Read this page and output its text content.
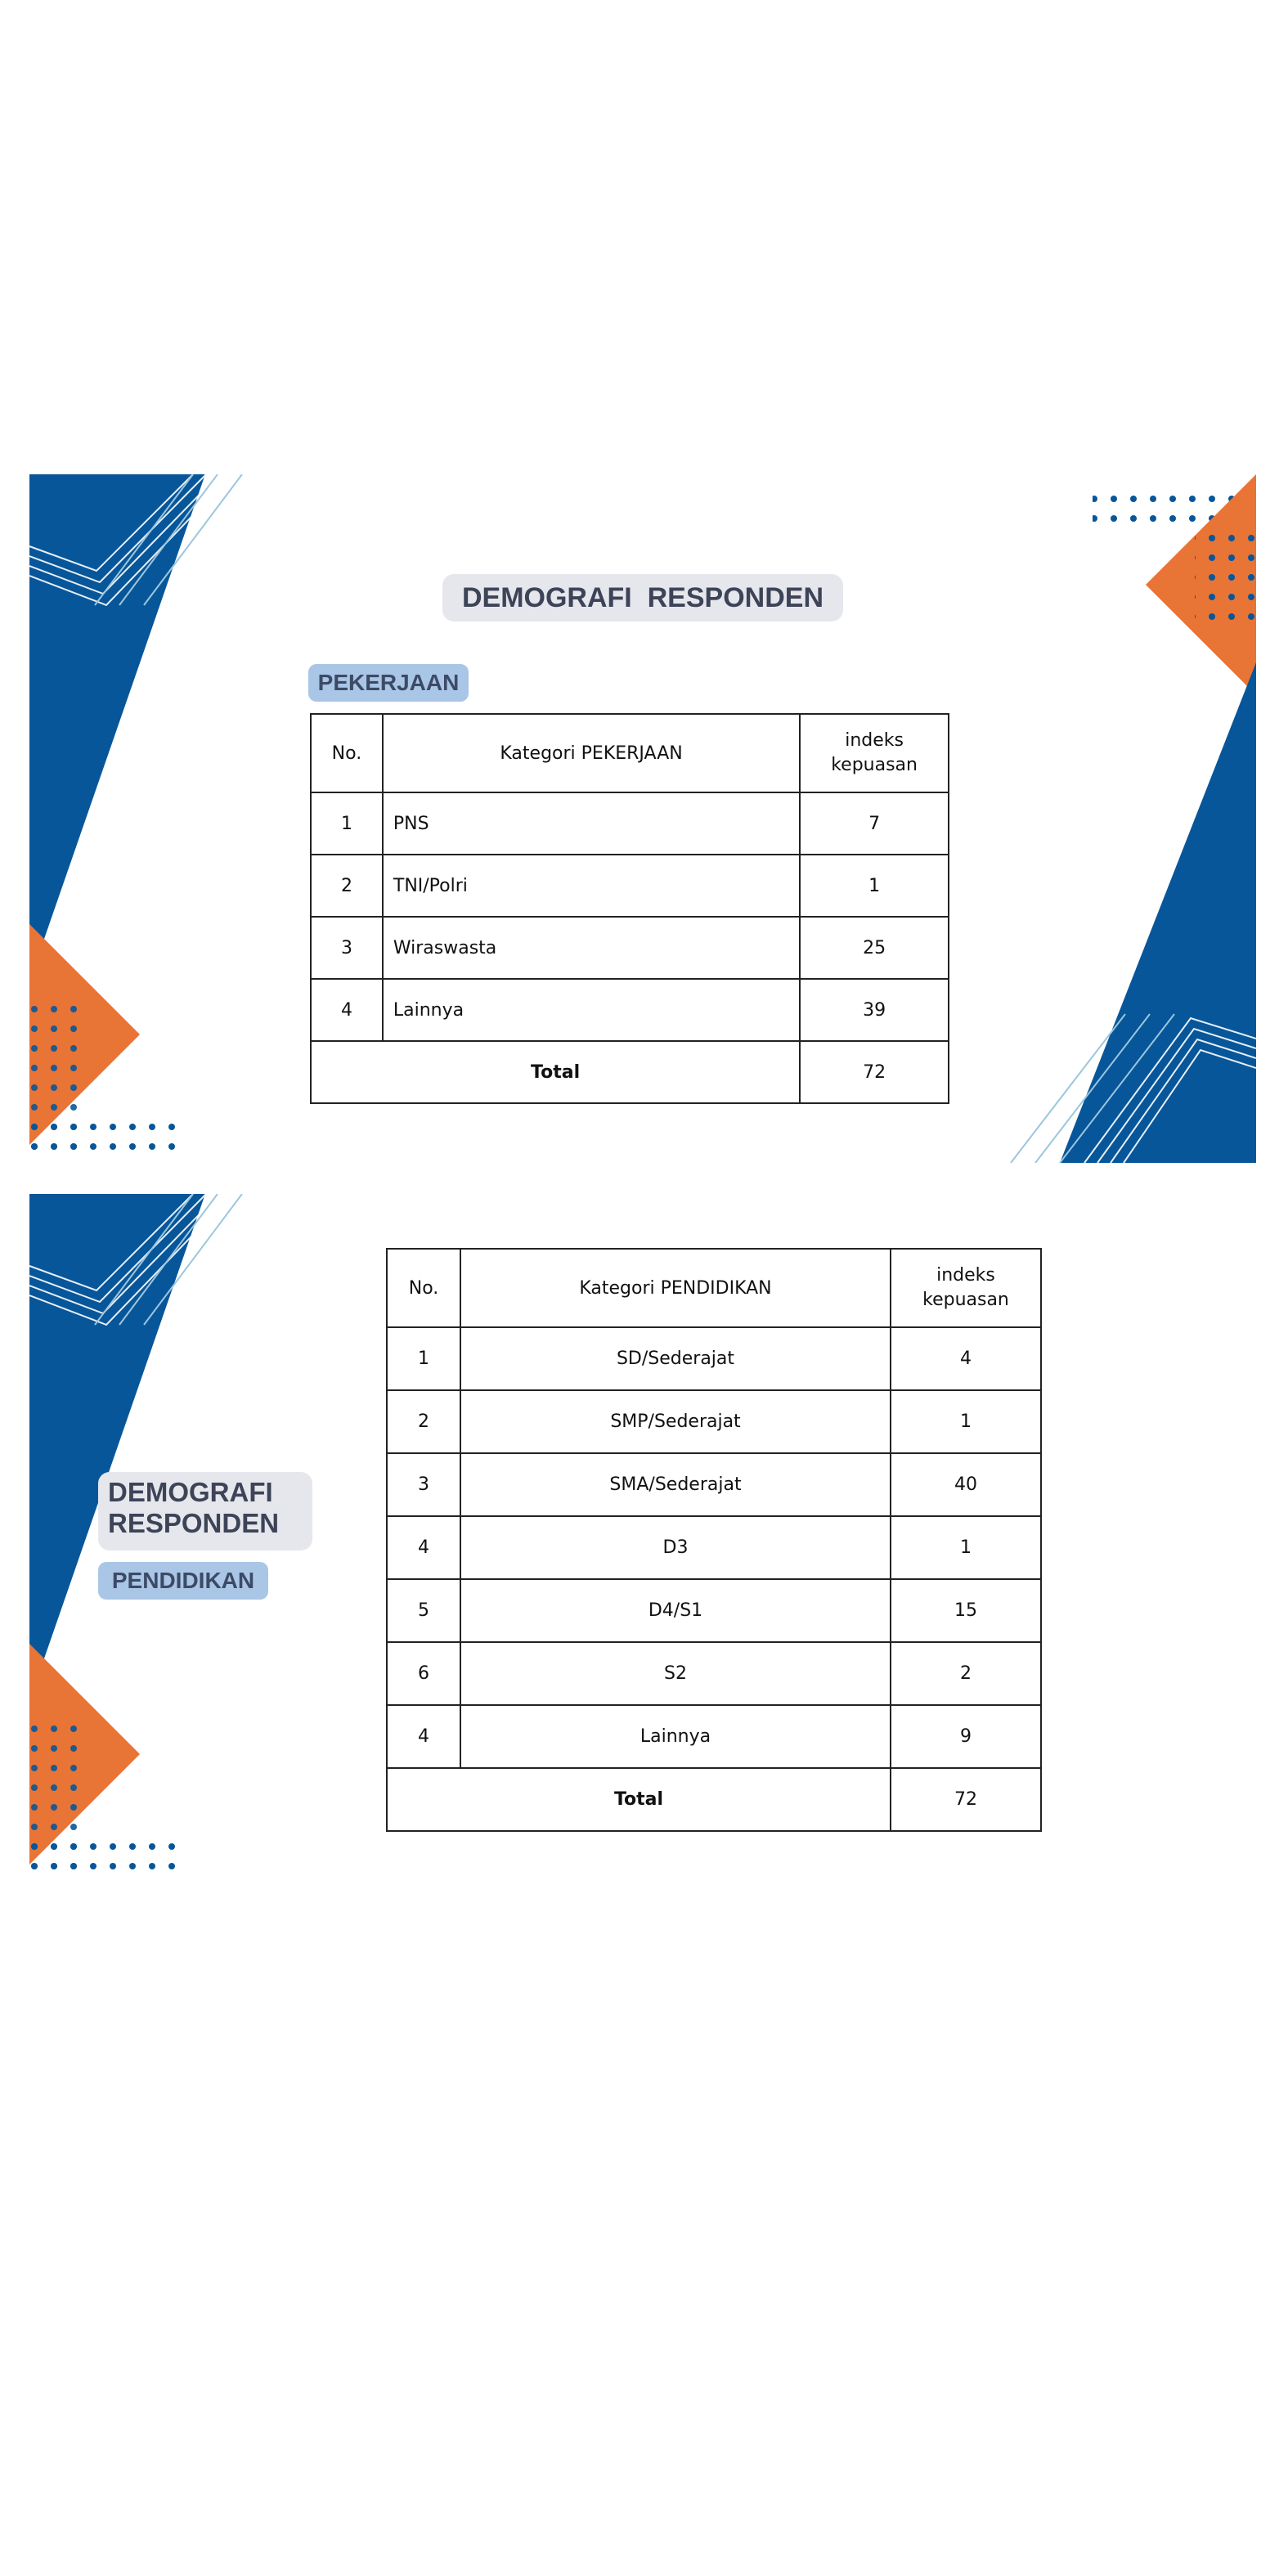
DEMOGRAFI  RESPONDEN
PEKERJAAN
No.	Kategori PEKERJAAN	indeks
kepuasan
1	PNS	7
2	TNI/Polri	1
3	Wiraswasta	25
4	Lainnya	39
Total		72
DEMOGRAFI
RESPONDEN
PENDIDIKAN
No.	Kategori PENDIDIKAN	indeks
kepuasan
1	SD/Sederajat	4
2	SMP/Sederajat	1
3	SMA/Sederajat	40
4	D3	1
5	D4/S1	15
6	S2	2
4	Lainnya	9
Total		72
